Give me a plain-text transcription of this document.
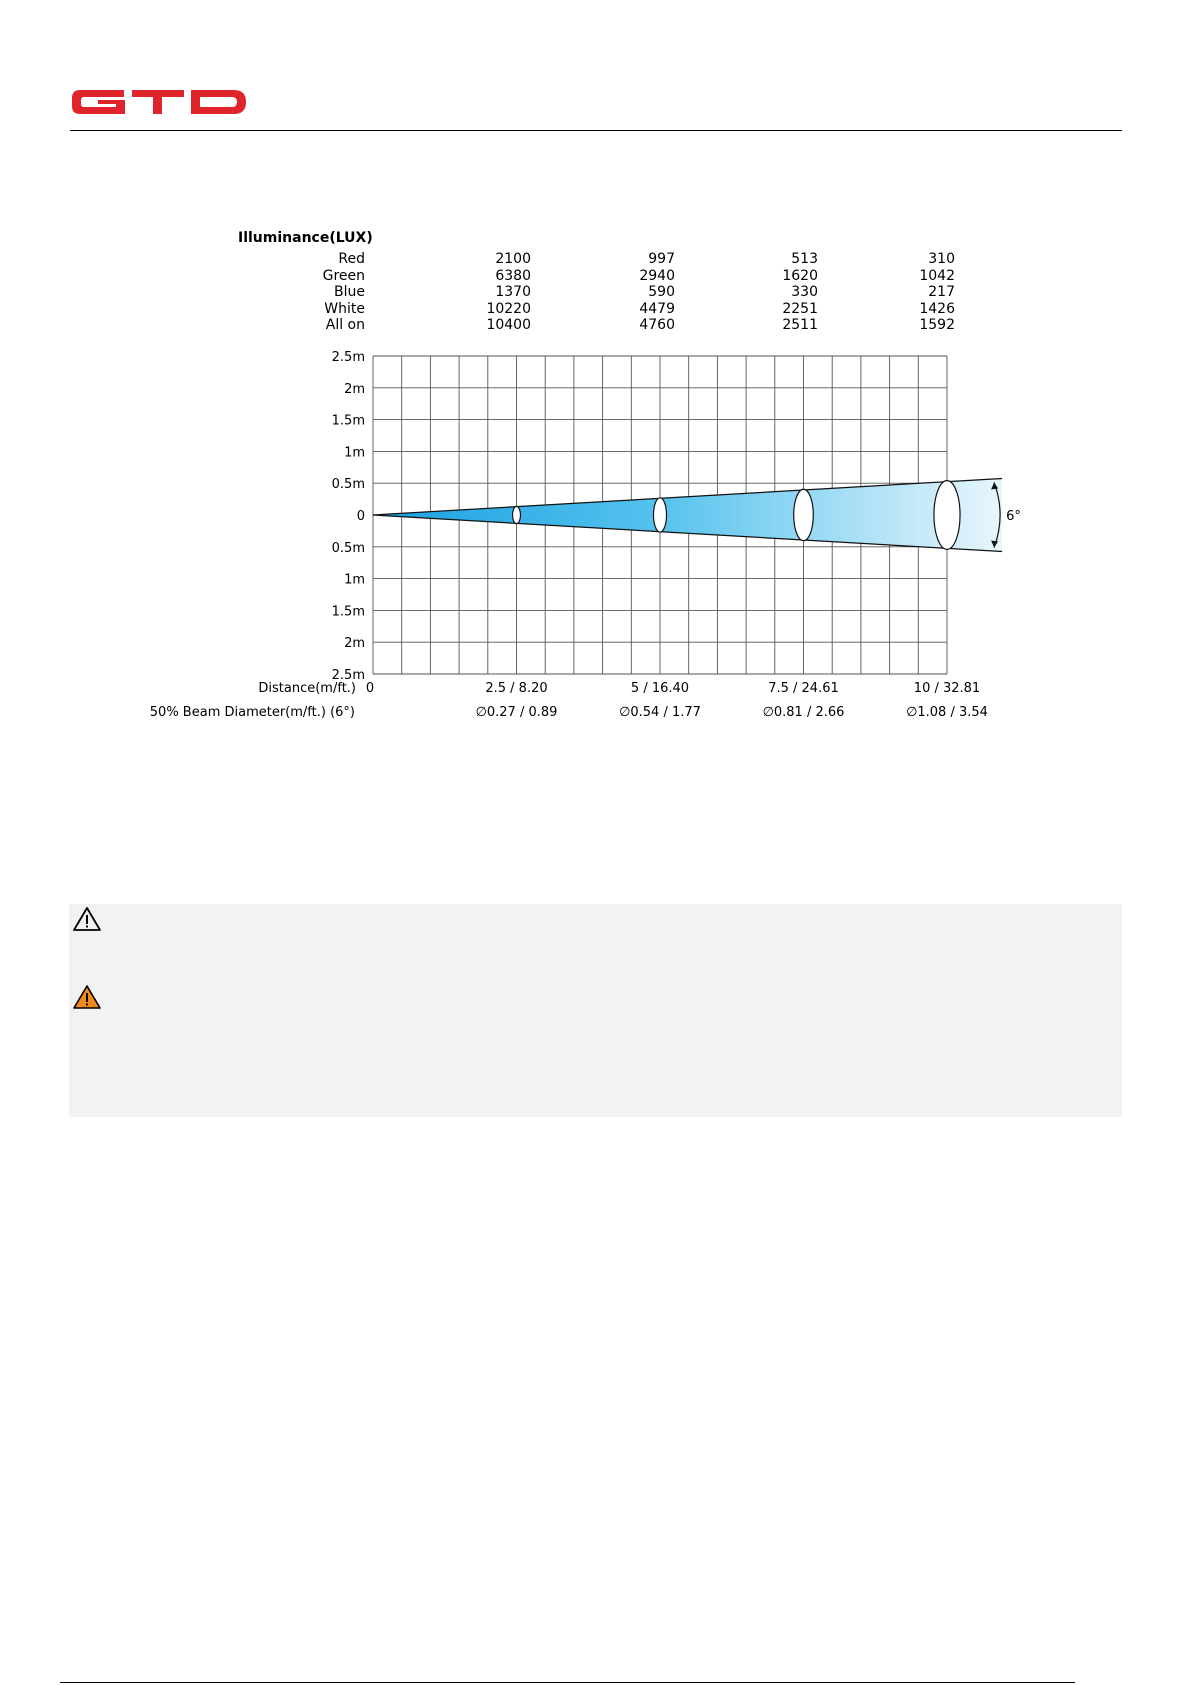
Illuminance(LUX)
Red	2100	997	513	310
Green	6380	2940	1620	1042
Blue	1370	590	330	217
White	10220	4479	2251	1426
All on	10400	4760	2511	1592
6°
2.5m
2m
1.5m
1m
0.5m
0
0.5m
1m
1.5m
2m
2.5m
Distance(m/ft.) 0	2.5 / 8.20	5 / 16.40	7.5 / 24.61	10 / 32.81
50% Beam Diameter(m/ft.) (6°)	∅0.27 / 0.89	∅0.54 / 1.77	∅0.81 / 2.66	∅1.08 / 3.54
